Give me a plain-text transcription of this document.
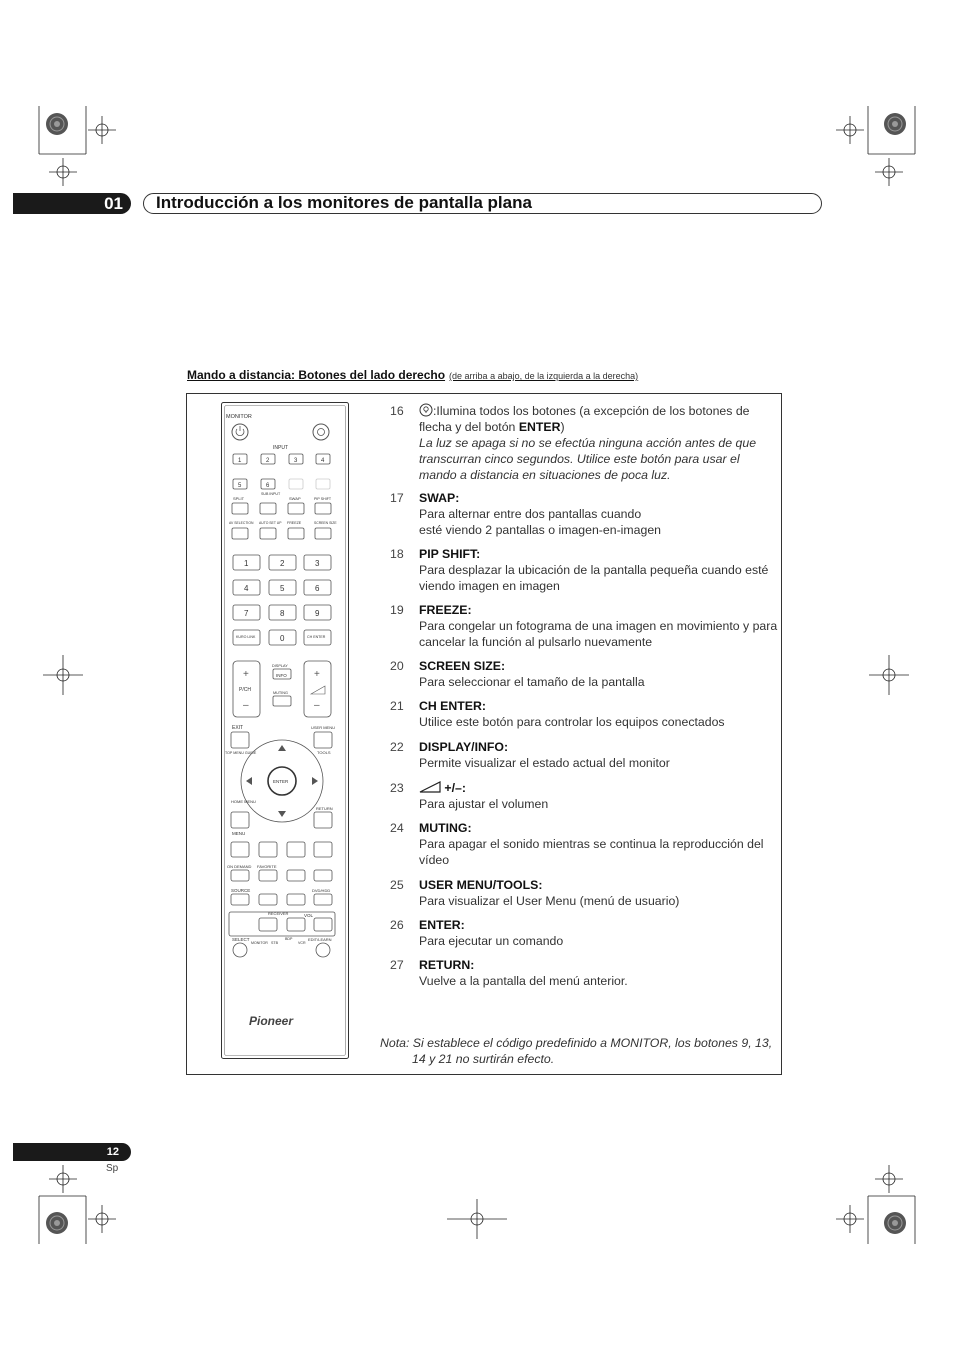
01	Introducción a los monitores de pantalla plana
Mando a distancia: Botones del lado derecho (de arriba a abajo, de la izquierda a la derecha)
MONITOR
INPUT
1	2	3	4
5	6
SPLIT
SUB INPUT
SWAP	PIP SHIFT
AV SELECTION AUTO SET UP FREEZE	SCREEN SIZE
1	2	3
4	5	6
7	8	9
0
KURO LINK	CH ENTER
+
–
+
–
P/CH
DISPLAY
INFO
MUTING
EXIT	USER MENU
TOP MENU GUIDE	TOOLS
ENTER
HOME MENU
RETURN
MENU
ON DEMAND FAVORITE
SOURCE	DVD/HDD
RECEIVER	VOL
SELECT	EDIT/LEARN
MONITOR STB
BDP
VCR
Pioneer
16	:Ilumina todos los botones (a excepción de los botones de flecha y del botón ENTER)
La luz se apaga si no se efectúa ninguna acción antes de que transcurran cinco segundos. Utilice este botón para usar el mando a distancia en situaciones de poca luz.
17	SWAP:
Para alternar entre dos pantallas cuando
esté viendo 2 pantallas o imagen-en-imagen
18	PIP SHIFT:
Para desplazar la ubicación de la pantalla pequeña cuando esté viendo imagen en imagen
19	FREEZE:
Para congelar un fotograma de una imagen en movimiento y para cancelar la función al pulsarlo nuevamente
20	SCREEN SIZE:
Para seleccionar el tamaño de la pantalla
21	CH ENTER:
Utilice este botón para controlar los equipos conectados
22	DISPLAY/INFO:
Permite visualizar el estado actual del monitor
23	+/–:
Para ajustar el volumen
24	MUTING:
Para apagar el sonido mientras se continua la reproducción del vídeo
25	USER MENU/TOOLS:
Para visualizar el User Menu (menú de usuario)
26	ENTER:
Para ejecutar un comando
27	RETURN:
Vuelve a la pantalla del menú anterior.
Nota: Si establece el código predefinido a MONITOR, los botones 9, 13,
14 y 21 no surtirán efecto.
12
Sp
